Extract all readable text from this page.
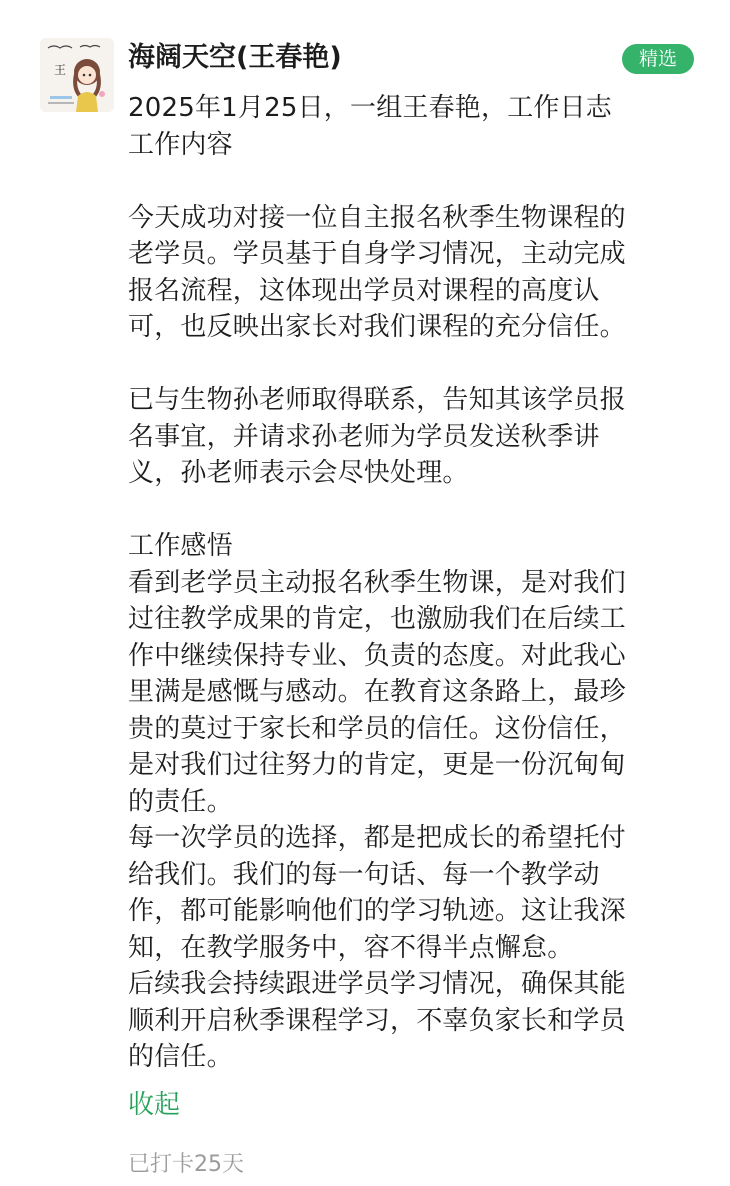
王 海阔天空(王春艳)	精选
2025年1月25日，一组王春艳，工作日志
工作内容
今天成功对接一位自主报名秋季生物课程的
老学员。学员基于自身学习情况，主动完成
报名流程，这体现出学员对课程的高度认
可，也反映出家长对我们课程的充分信任。
已与生物孙老师取得联系，告知其该学员报
名事宜，并请求孙老师为学员发送秋季讲
义，孙老师表示会尽快处理。
工作感悟
看到老学员主动报名秋季生物课，是对我们
过往教学成果的肯定，也激励我们在后续工
作中继续保持专业、负责的态度。对此我心
里满是感慨与感动。在教育这条路上，最珍
贵的莫过于家长和学员的信任。这份信任，
是对我们过往努力的肯定，更是一份沉甸甸
的责任。
每一次学员的选择，都是把成长的希望托付
给我们。我们的每一句话、每一个教学动
作，都可能影响他们的学习轨迹。这让我深
知，在教学服务中，容不得半点懈怠。
后续我会持续跟进学员学习情况，确保其能
顺利开启秋季课程学习，不辜负家长和学员
的信任。
收起
已打卡25天
